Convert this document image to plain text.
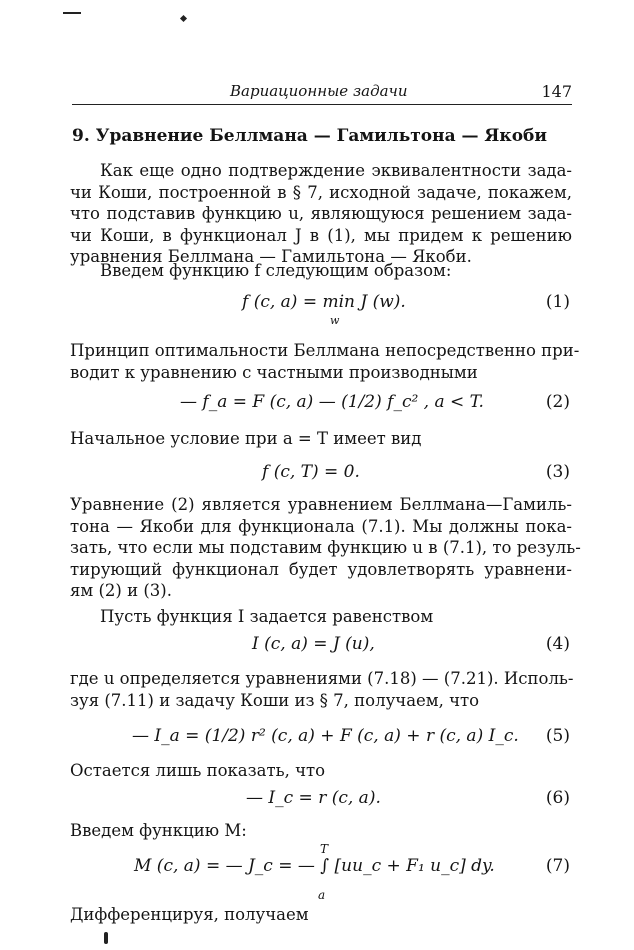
Вариационные задачи	147
9. Уравнение Беллмана — Гамильтона — Якоби
Как еще одно подтверждение эквивалентности зада-
чи Коши, построенной в § 7, исходной задаче, покажем,
что подставив функцию u, являющуюся решением зада-
чи Коши, в функционал J в (1), мы придем к решению
уравнения Беллмана — Гамильтона — Якоби.
Введем функцию f следующим образом:
f (c, a) = min J (w).
w
(1)
Принцип оптимальности Беллмана непосредственно при-
водит к уравнению с частными производными
— f_a = F (c, a) — (1/2) f_c² , a < T.	(2)
Начальное условие при a = T имеет вид
f (c, T) = 0.	(3)
Уравнение (2) является уравнением Беллмана—Гамиль-
тона — Якоби для функционала (7.1). Мы должны пока-
зать, что если мы подставим функцию u в (7.1), то резуль-
тирующий функционал будет удовлетворять уравнени-
ям (2) и (3).
Пусть функция I задается равенством
I (c, a) = J (u),	(4)
где u определяется уравнениями (7.18) — (7.21). Исполь-
зуя (7.11) и задачу Коши из § 7, получаем, что
— I_a = (1/2) r² (c, a) + F (c, a) + r (c, a) I_c. (5)
Остается лишь показать, что
— I_c = r (c, a).	(6)
Введем функцию M:
T
M (c, a) = — J_c = — ∫ [uu_c + F₁ u_c] dy.
a
(7)
Дифференцируя, получаем
